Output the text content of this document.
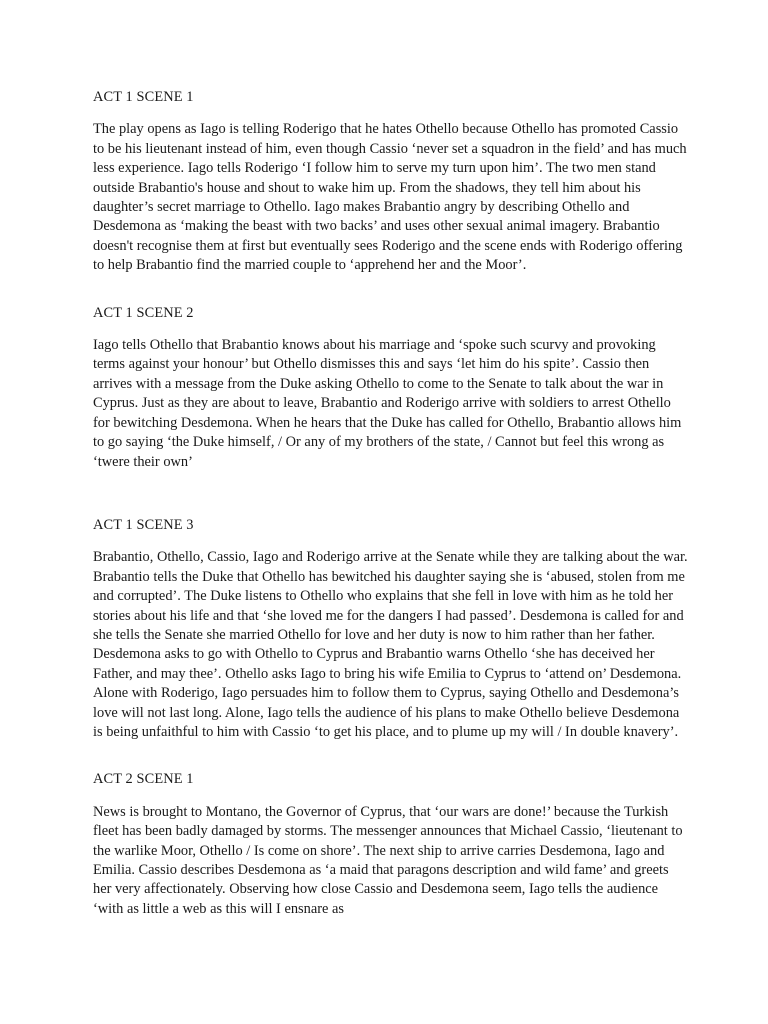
ACT 1 SCENE 1

The play opens as Iago is telling Roderigo that he hates Othello because Othello has promoted Cassio to be his lieutenant instead of him, even though Cassio ‘never set a squadron in the field’ and has much less experience. Iago tells Roderigo ‘I follow him to serve my turn upon him’. The two men stand outside Brabantio's house and shout to wake him up. From the shadows, they tell him about his daughter’s secret marriage to Othello. Iago makes Brabantio angry by describing Othello and Desdemona as ‘making the beast with two backs’ and uses other sexual animal imagery. Brabantio doesn't recognise them at first but eventually sees Roderigo and the scene ends with Roderigo offering to help Brabantio find the married couple to ‘apprehend her and the Moor’.

ACT 1 SCENE 2

Iago tells Othello that Brabantio knows about his marriage and ‘spoke such scurvy and provoking terms against your honour’ but Othello dismisses this and says ‘let him do his spite’. Cassio then arrives with a message from the Duke asking Othello to come to the Senate to talk about the war in Cyprus. Just as they are about to leave, Brabantio and Roderigo arrive with soldiers to arrest Othello for bewitching Desdemona. When he hears that the Duke has called for Othello, Brabantio allows him to go saying ‘the Duke himself, / Or any of my brothers of the state, / Cannot but feel this wrong as ‘twere their own’

ACT 1 SCENE 3

Brabantio, Othello, Cassio, Iago and Roderigo arrive at the Senate while they are talking about the war. Brabantio tells the Duke that Othello has bewitched his daughter saying she is ‘abused, stolen from me and corrupted’. The Duke listens to Othello who explains that she fell in love with him as he told her stories about his life and that ‘she loved me for the dangers I had passed’. Desdemona is called for and she tells the Senate she married Othello for love and her duty is now to him rather than her father. Desdemona asks to go with Othello to Cyprus and Brabantio warns Othello ‘she has deceived her Father, and may thee’. Othello asks Iago to bring his wife Emilia to Cyprus to ‘attend on’ Desdemona. Alone with Roderigo, Iago persuades him to follow them to Cyprus, saying Othello and Desdemona’s love will not last long. Alone, Iago tells the audience of his plans to make Othello believe Desdemona is being unfaithful to him with Cassio ‘to get his place, and to plume up my will / In double knavery’.

ACT 2 SCENE 1

News is brought to Montano, the Governor of Cyprus, that ‘our wars are done!’ because the Turkish fleet has been badly damaged by storms. The messenger announces that Michael Cassio, ‘lieutenant to the warlike Moor, Othello / Is come on shore’. The next ship to arrive carries Desdemona, Iago and Emilia. Cassio describes Desdemona as ‘a maid that paragons description and wild fame’ and greets her very affectionately. Observing how close Cassio and Desdemona seem, Iago tells the audience ‘with as little a web as this will I ensnare as
